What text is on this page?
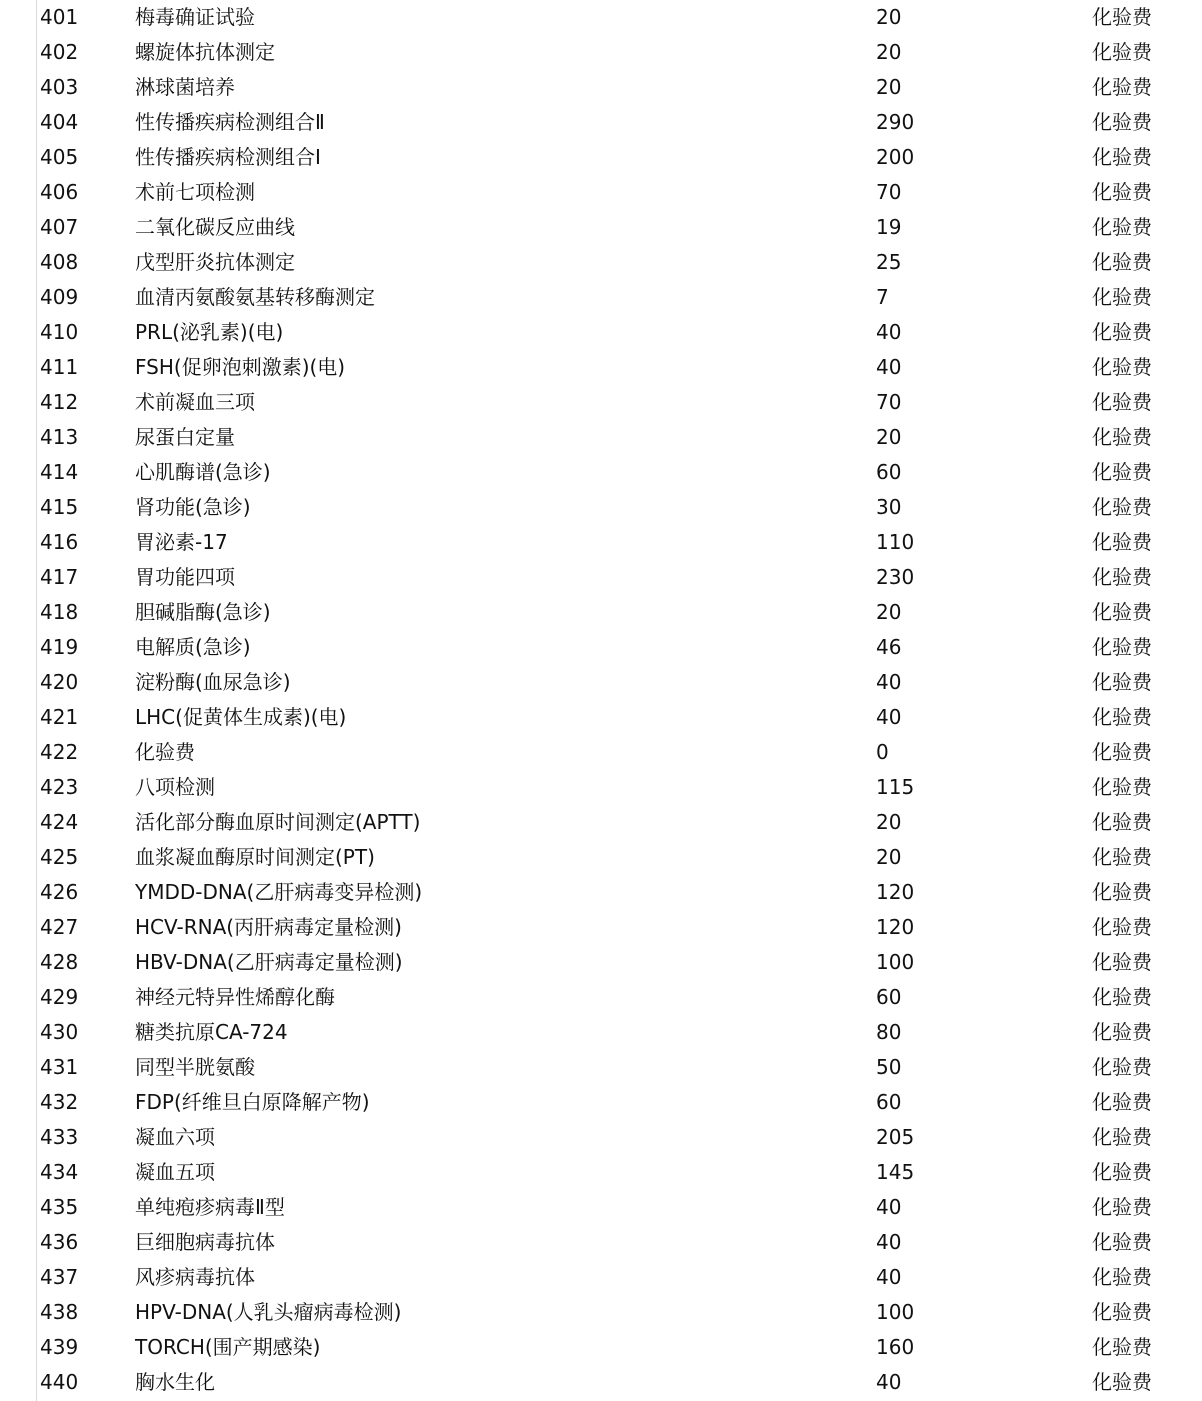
401	梅毒确证试验	20	化验费
402	螺旋体抗体测定	20	化验费
403	淋球菌培养	20	化验费
404	性传播疾病检测组合Ⅱ	290	化验费
405	性传播疾病检测组合Ⅰ	200	化验费
406	术前七项检测	70	化验费
407	二氧化碳反应曲线	19	化验费
408	戊型肝炎抗体测定	25	化验费
409	血清丙氨酸氨基转移酶测定	7	化验费
410	PRL(泌乳素)(电)	40	化验费
411	FSH(促卵泡刺激素)(电)	40	化验费
412	术前凝血三项	70	化验费
413	尿蛋白定量	20	化验费
414	心肌酶谱(急诊)	60	化验费
415	肾功能(急诊)	30	化验费
416	胃泌素-17	110	化验费
417	胃功能四项	230	化验费
418	胆碱脂酶(急诊)	20	化验费
419	电解质(急诊)	46	化验费
420	淀粉酶(血尿急诊)	40	化验费
421	LHC(促黄体生成素)(电)	40	化验费
422	化验费	0	化验费
423	八项检测	115	化验费
424	活化部分酶血原时间测定(APTT)	20	化验费
425	血浆凝血酶原时间测定(PT)	20	化验费
426	YMDD-DNA(乙肝病毒变异检测)	120	化验费
427	HCV-RNA(丙肝病毒定量检测)	120	化验费
428	HBV-DNA(乙肝病毒定量检测)	100	化验费
429	神经元特异性烯醇化酶	60	化验费
430	糖类抗原CA-724	80	化验费
431	同型半胱氨酸	50	化验费
432	FDP(纤维旦白原降解产物)	60	化验费
433	凝血六项	205	化验费
434	凝血五项	145	化验费
435	单纯疱疹病毒Ⅱ型	40	化验费
436	巨细胞病毒抗体	40	化验费
437	风疹病毒抗体	40	化验费
438	HPV-DNA(人乳头瘤病毒检测)	100	化验费
439	TORCH(围产期感染)	160	化验费
440	胸水生化	40	化验费
